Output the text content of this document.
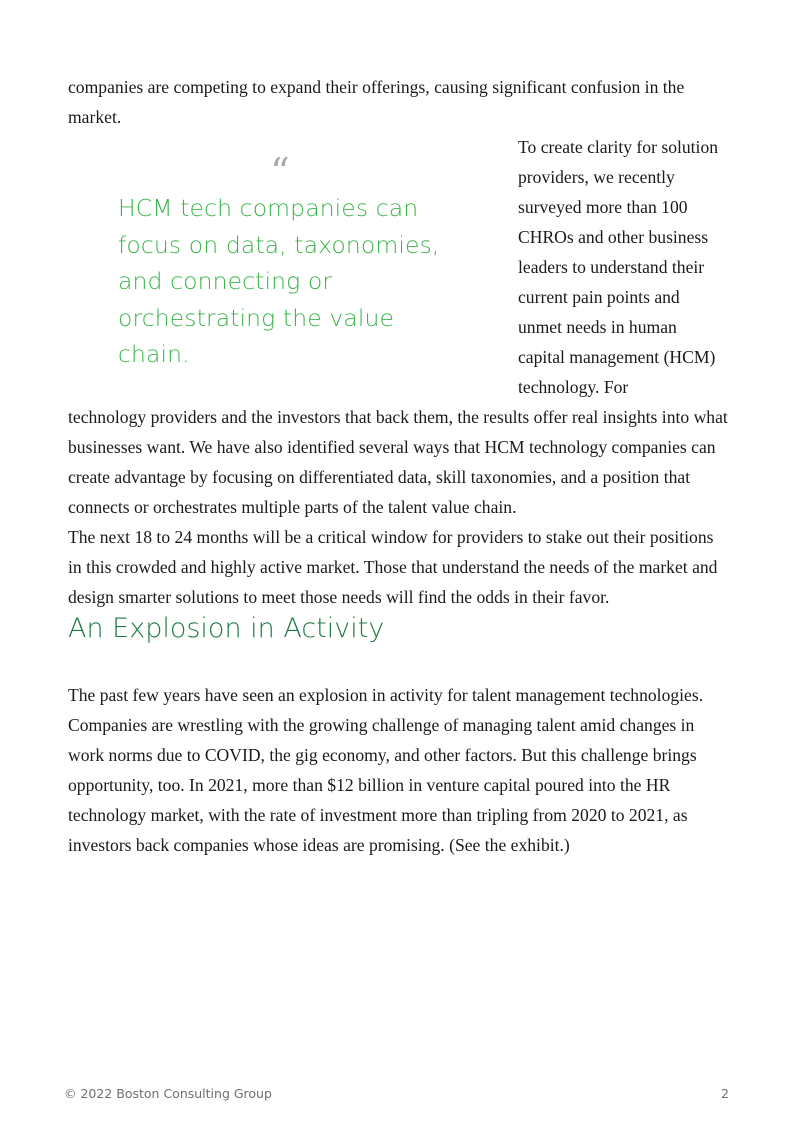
companies are competing to expand their offerings, causing significant confusion in the market.

“

HCM tech companies can focus on data, taxonomies, and connecting or orchestrating the value chain.

To create clarity for solution providers, we recently surveyed more than 100 CHROs and other business leaders to understand their current pain points and unmet needs in human capital management (HCM) technology. For

technology providers and the investors that back them, the results offer real insights into what businesses want. We have also identified several ways that HCM technology companies can create advantage by focusing on differentiated data, skill taxonomies, and a position that connects or orchestrates multiple parts of the talent value chain.

The next 18 to 24 months will be a critical window for providers to stake out their positions in this crowded and highly active market. Those that understand the needs of the market and design smarter solutions to meet those needs will find the odds in their favor.

An Explosion in Activity

The past few years have seen an explosion in activity for talent management technologies. Companies are wrestling with the growing challenge of managing talent amid changes in work norms due to COVID, the gig economy, and other factors. But this challenge brings opportunity, too. In 2021, more than $12 billion in venture capital poured into the HR technology market, with the rate of investment more than tripling from 2020 to 2021, as investors back companies whose ideas are promising. (See the exhibit.)

© 2022 Boston Consulting Group	2
